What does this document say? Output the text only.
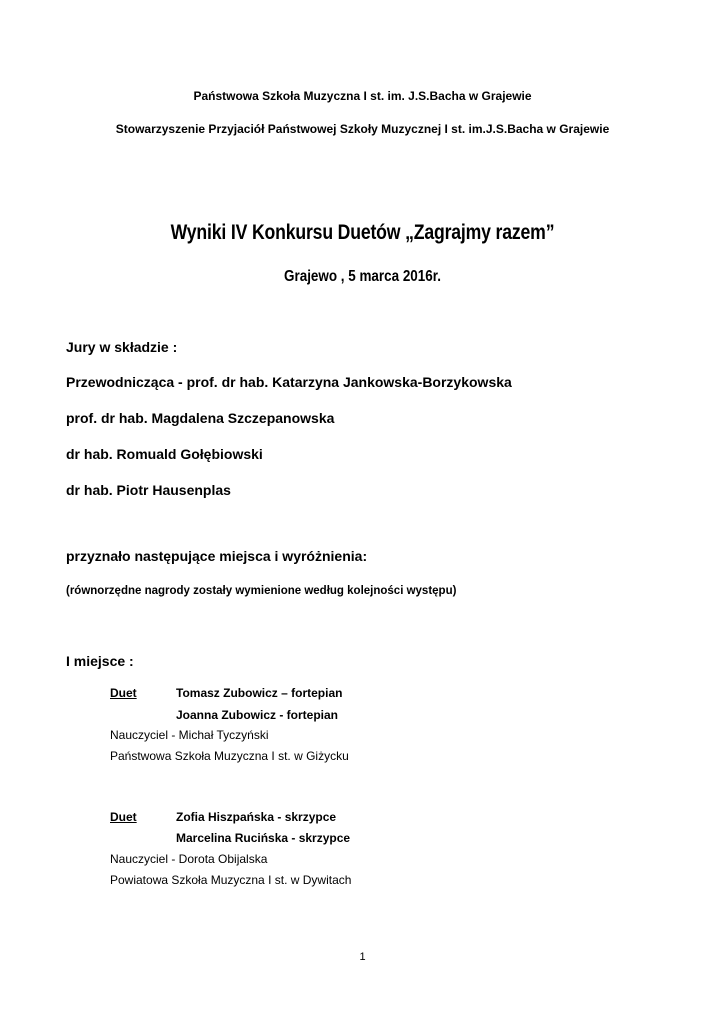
Państwowa Szkoła Muzyczna I st. im. J.S.Bacha w Grajewie
Stowarzyszenie Przyjaciół Państwowej Szkoły Muzycznej I st. im.J.S.Bacha w Grajewie
Wyniki IV Konkursu Duetów „Zagrajmy razem”
Grajewo , 5 marca 2016r.
Jury w składzie :
Przewodnicząca - prof. dr hab. Katarzyna Jankowska-Borzykowska
prof. dr hab. Magdalena Szczepanowska
dr hab. Romuald Gołębiowski
dr hab. Piotr Hausenplas
przyznało następujące miejsca i wyróżnienia:
(równorzędne nagrody zostały wymienione według kolejności występu)
I miejsce :
Duet	Tomasz Zubowicz – fortepian
Joanna Zubowicz - fortepian
Nauczyciel - Michał Tyczyński
Państwowa Szkoła Muzyczna I st. w Giżycku
Duet	Zofia Hiszpańska - skrzypce
Marcelina Rucińska - skrzypce
Nauczyciel - Dorota Obijalska
Powiatowa Szkoła Muzyczna I st. w Dywitach
1
